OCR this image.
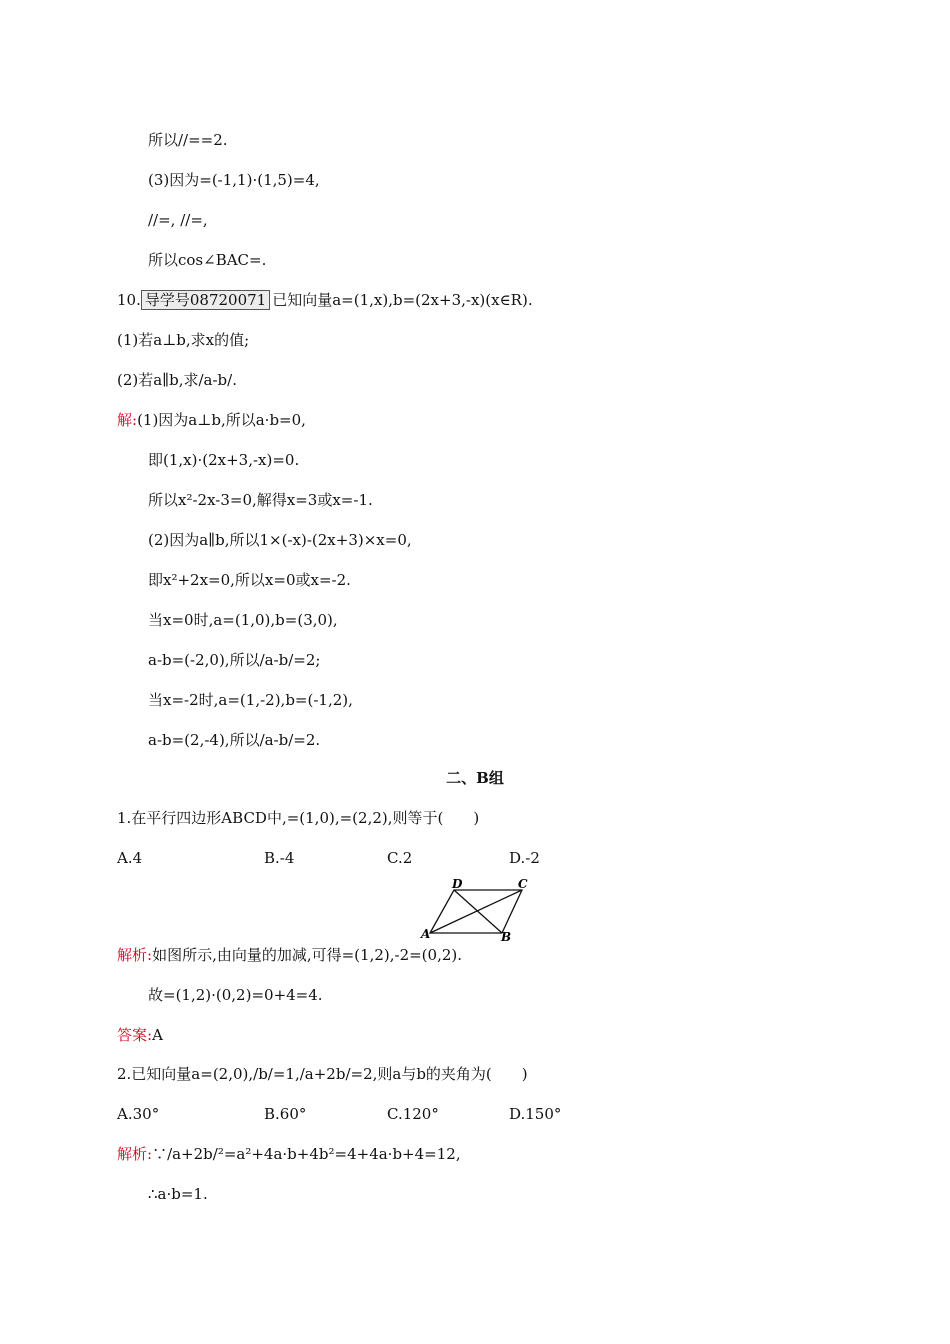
所以//==2.
(3)因为=(-1,1)·(1,5)=4,
//=, //=,
所以cos∠BAC=.
10. 导学号08720071 已知向量a=(1,x),b=(2x+3,-x)(x∈R).
(1)若a⊥b,求x的值;
(2)若a∥b,求/a-b/.
解:(1)因为a⊥b,所以a·b=0,
即(1,x)·(2x+3,-x)=0.
所以x²-2x-3=0,解得x=3或x=-1.
(2)因为a∥b,所以1×(-x)-(2x+3)×x=0,
即x²+2x=0,所以x=0或x=-2.
当x=0时,a=(1,0),b=(3,0),
a-b=(-2,0),所以/a-b/=2;
当x=-2时,a=(1,-2),b=(-1,2),
a-b=(2,-4),所以/a-b/=2.
二、B组
1.在平行四边形ABCD中,=(1,0),=(2,2),则等于(　　)
A.4	B.-4	C.2	D.-2
A	B
C
D
解析:如图所示,由向量的加减,可得=(1,2),-2=(0,2).
故=(1,2)·(0,2)=0+4=4.
答案:A
2.已知向量a=(2,0),/b/=1,/a+2b/=2,则a与b的夹角为(　　)
A.30°	B.60°	C.120°	D.150°
解析:∵/a+2b/²=a²+4a·b+4b²=4+4a·b+4=12,
∴a·b=1.
